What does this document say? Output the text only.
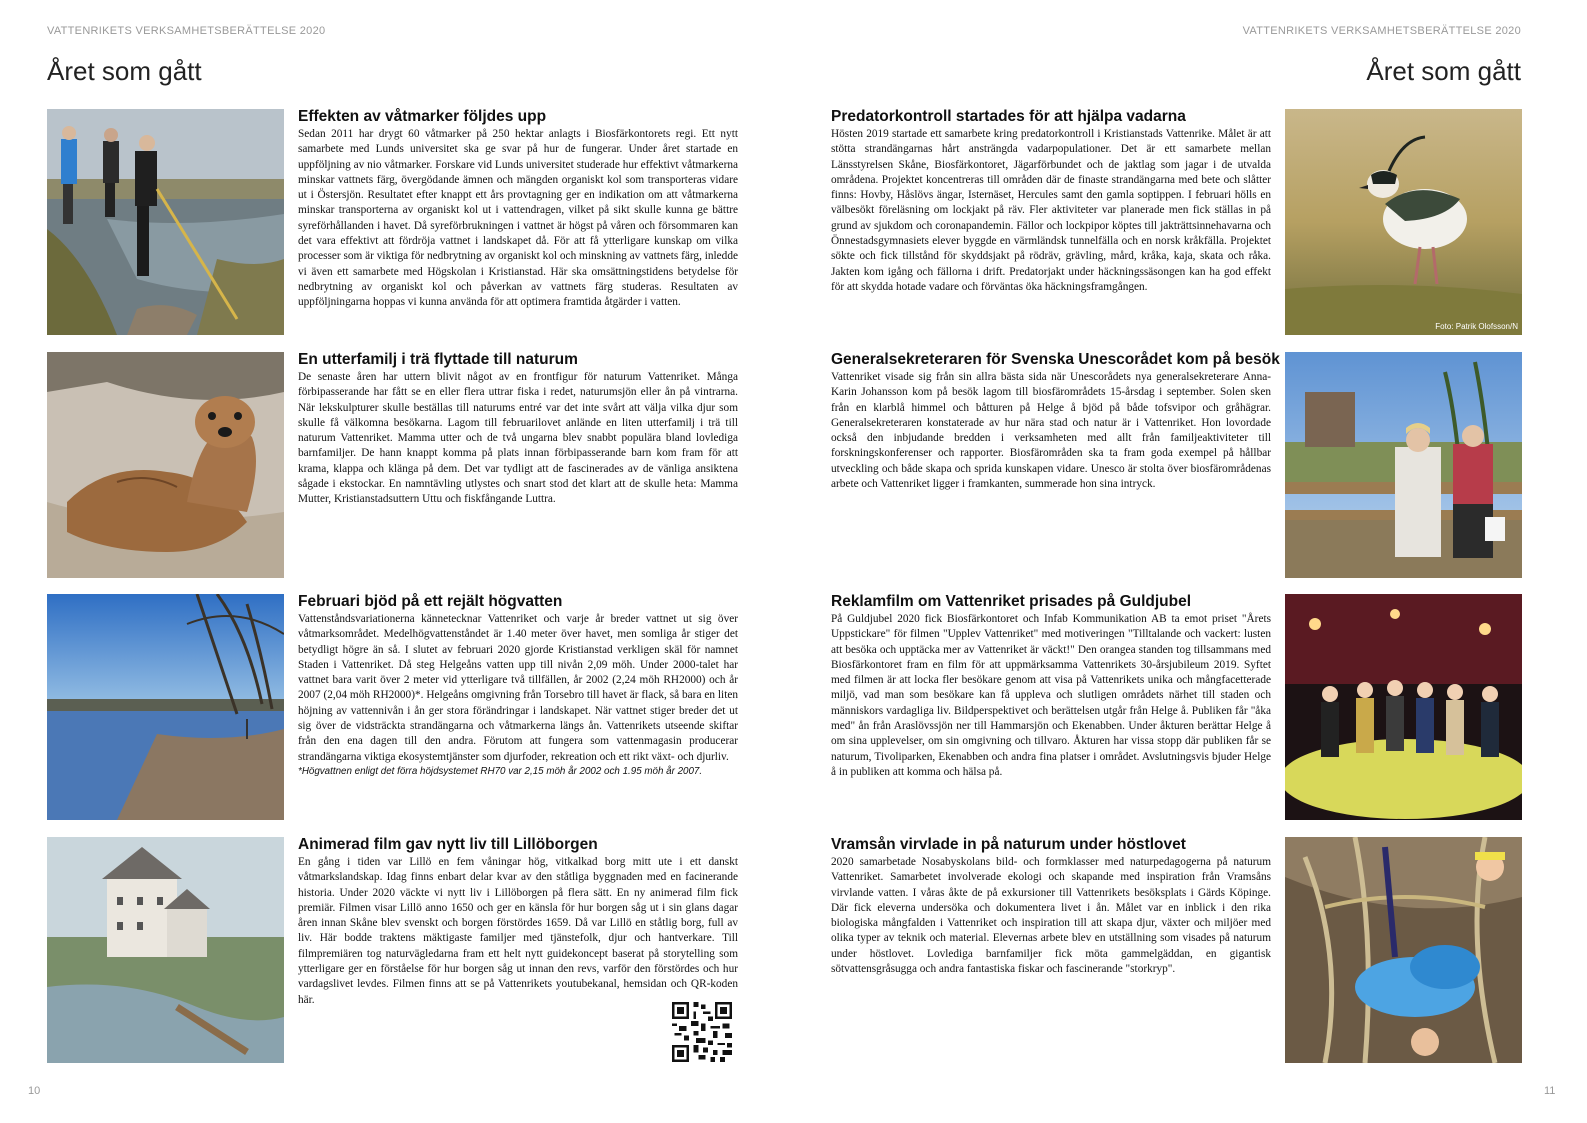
VATTENRIKETS VERKSAMHETSBERÄTTELSE 2020	VATTENRIKETS VERKSAMHETSBERÄTTELSE 2020
Året som gått	Året som gått
10	11
Effekten av våtmarker följdes upp

Sedan 2011 har drygt 60 våtmarker på 250 hektar anlagts i Biosfärkontorets regi. Ett nytt samarbete med Lunds universitet ska ge svar på hur de fungerar. Under året startade en uppföljning av nio våtmarker. Forskare vid Lunds universitet studerade hur effektivt våtmarkerna minskar vattnets färg, övergödande ämnen och mängden organiskt kol som transporteras vidare ut i Östersjön. Resultatet efter knappt ett års provtagning ger en indikation om att våtmarkerna minskar transporterna av organiskt kol ut i vattendragen, vilket på sikt skulle kunna ge bättre syreförhållanden i havet. Då syreförbrukningen i vattnet är högst på våren och försommaren kan det vara effektivt att fördröja vattnet i landskapet då. För att få ytterligare kunskap om vilka processer som är viktiga för nedbrytning av organiskt kol och minskning av vattnets färg, inledde vi även ett samarbete med Högskolan i Kristianstad. Här ska omsättningstidens betydelse för nedbrytning av organiskt kol och påverkan av vattnets färg studeras. Resultaten av uppföljningarna hoppas vi kunna använda för att optimera framtida åtgärder i vatten.

En utterfamilj i trä flyttade till naturum

De senaste åren har uttern blivit något av en frontfigur för naturum Vattenriket. Många förbipasserande har fått se en eller flera uttrar fiska i redet, naturumsjön eller ån på vintrarna. När lekskulpturer skulle beställas till naturums entré var det inte svårt att välja vilka djur som skulle få välkomna besökarna. Lagom till februarilovet anlände en liten utterfamilj i trä till naturum Vattenriket. Mamma utter och de två ungarna blev snabbt populära bland lovlediga barnfamiljer. De hann knappt komma på plats innan förbipasserande barn kom fram för att krama, klappa och klänga på dem. Det var tydligt att de fascinerades av de vänliga ansiktena sågade i ekstockar. En namntävling utlystes och snart stod det klart att de skulle heta: Mamma Mutter, Kristianstadsuttern Uttu och fiskfångande Luttra.

Februari bjöd på ett rejält högvatten

Vattenståndsvariationerna kännetecknar Vattenriket och varje år breder vattnet ut sig över våtmarksområdet. Medelhögvattenståndet är 1.40 meter över havet, men somliga år stiger det betydligt högre än så. I slutet av februari 2020 gjorde Kristianstad verkligen skäl för namnet Staden i Vattenriket. Då steg Helgeåns vatten upp till nivån 2,09 möh. Under 2000-talet har vattnet bara varit över 2 meter vid ytterligare två tillfällen, år 2002 (2,24 möh RH2000) och år 2007 (2,04 möh RH2000)*. Helgeåns omgivning från Torsebro till havet är flack, så bara en liten höjning av vattennivån i ån ger stora förändringar i landskapet. När vattnet stiger breder det ut sig över de vidsträckta strandängarna och våtmarkerna längs ån. Vattenrikets utseende skiftar från den ena dagen till den andra. Förutom att fungera som vattenmagasin producerar strandängarna viktiga ekosystemtjänster som djurfoder, rekreation och ett rikt växt- och djurliv.

*Högvattnen enligt det förra höjdsystemet RH70 var 2,15 möh år 2002 och 1.95 möh år 2007.

Animerad film gav nytt liv till Lillöborgen

En gång i tiden var Lillö en fem våningar hög, vitkalkad borg mitt ute i ett danskt våtmarkslandskap. Idag finns enbart delar kvar av den ståtliga byggnaden med en facinerande historia. Under 2020 väckte vi nytt liv i Lillöborgen på flera sätt. En ny animerad film fick premiär. Filmen visar Lillö anno 1650 och ger en känsla för hur borgen såg ut i sin glans dagar åren innan Skåne blev svenskt och borgen förstördes 1659. Då var Lillö en ståtlig borg, full av liv. Här bodde traktens mäktigaste familjer med tjänstefolk, djur och hantverkare. Till filmpremiären tog naturvägledarna fram ett helt nytt guidekoncept baserat på storytelling som ytterligare ger en förståelse för hur borgen såg ut innan den revs, varför den förstördes och hur vardagslivet levdes. Filmen finns att se på Vattenrikets youtubekanal, hemsidan och QR-koden här.

Predatorkontroll startades för att hjälpa vadarna

Hösten 2019 startade ett samarbete kring predatorkontroll i Kristianstads Vattenrike. Målet är att stötta strandängarnas hårt ansträngda vadarpopulationer. Det är ett samarbete mellan Länsstyrelsen Skåne, Biosfärkontoret, Jägarförbundet och de jaktlag som jagar i de utvalda områdena. Projektet koncentreras till områden där de finaste strandängarna med bete och slåtter finns: Hovby, Håslövs ängar, Isternäset, Hercules samt den gamla soptippen. I februari hölls en välbesökt föreläsning om lockjakt på räv. Fler aktiviteter var planerade men fick ställas in på grund av sjukdom och coronapandemin. Fällor och lockpipor köptes till jakträttsinnehavarna och Önnestadsgymnasiets elever byggde en värmländsk tunnelfälla och en norsk kråkfälla. Projektet sökte och fick tillstånd för skyddsjakt på rödräv, grävling, mård, kråka, kaja, skata och råka. Jakten kom igång och fällorna i drift. Predatorjakt under häckningssäsongen kan ha god effekt för att skydda hotade vadare och förväntas öka häckningsframgången.

Generalsekreteraren för Svenska Unescorådet kom på besök

Vattenriket visade sig från sin allra bästa sida när Unescorådets nya generalsekreterare Anna-Karin Johansson kom på besök lagom till biosfärområdets 15-årsdag i september. Solen sken från en klarblå himmel och båtturen på Helge å bjöd på både tofsvipor och gråhägrar. Generalsekreteraren konstaterade av hur nära stad och natur är i Vattenriket. Hon lovordade också den inbjudande bredden i verksamheten med allt från familjeaktiviteter till forskningskonferenser och rapporter. Biosfärområden ska ta fram goda exempel på hållbar utveckling och både skapa och sprida kunskapen vidare. Unesco är stolta över biosfärområdenas arbete och Vattenriket ligger i framkanten, summerade hon sina intryck.

Reklamfilm om Vattenriket prisades på Guldjubel

På Guldjubel 2020 fick Biosfärkontoret och Infab Kommunikation AB ta emot priset "Årets Uppstickare" för filmen "Upplev Vattenriket" med motiveringen "Tilltalande och vackert: lusten att besöka och upptäcka mer av Vattenriket är väckt!" Den orangea standen tog tillsammans med Biosfärkontoret fram en film för att uppmärksamma Vattenrikets 30-årsjubileum 2019. Syftet med filmen är att locka fler besökare genom att visa på Vattenrikets unika och mångfacetterade miljö, vad man som besökare kan få uppleva och slutligen områdets närhet till staden och människors vardagliga liv. Bildperspektivet och berättelsen utgår från Helge å. Publiken får "åka med" ån från Araslövssjön ner till Hammarsjön och Ekenabben. Under åkturen berättar Helge å om sina upplevelser, om sin omgivning och tillvaro. Åkturen har vissa stopp där publiken får se naturum, Tivoliparken, Ekenabben och andra fina platser i området. Avslutningsvis bjuder Helge å in publiken att komma och hälsa på.

Vramsån virvlade in på naturum under höstlovet

2020 samarbetade Nosabyskolans bild- och formklasser med naturpedagogerna på naturum Vattenriket. Samarbetet involverade ekologi och skapande med inspiration från Vramsåns virvlande vatten. I våras åkte de på exkursioner till Vattenrikets besöksplats i Gärds Köpinge. Där fick eleverna undersöka och dokumentera livet i ån. Målet var en inblick i den rika biologiska mångfalden i Vattenriket och inspiration till att skapa djur, växter och miljöer med olika typer av teknik och material. Elevernas arbete blev en utställning som visades på naturum under höstlovet. Lovlediga barnfamiljer fick möta gammelgäddan, en gigantisk sötvattensgråsugga och andra fantastiska fiskar och fascinerande "storkryp".

Foto: Patrik Olofsson/N
